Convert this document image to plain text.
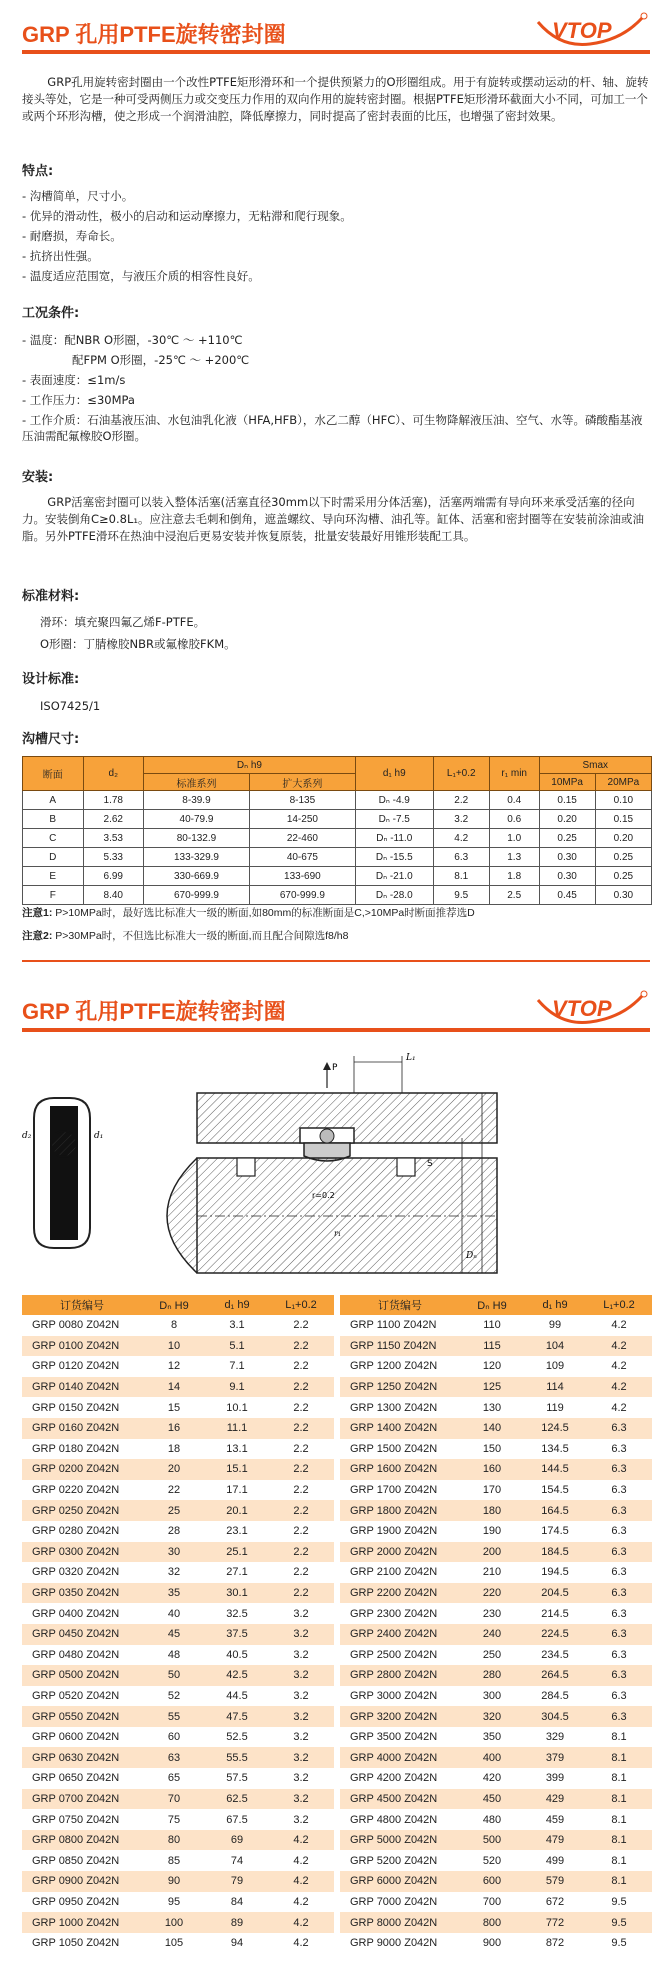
GRP 孔用PTFE旋转密封圈	VTOP
GRP孔用旋转密封圈由一个改性PTFE矩形滑环和一个提供预紧力的O形圈组成。用于有旋转或摆动运动的杆、轴、旋转接头等处，它是一种可受两侧压力或交变压力作用的双向作用的旋转密封圈。根据PTFE矩形滑环截面大小不同，可加工一个或两个环形沟槽，使之形成一个润滑油腔，降低摩擦力，同时提高了密封表面的比压，也增强了密封效果。
特点:
- 沟槽简单，尺寸小。
- 优异的滑动性，极小的启动和运动摩擦力，无粘滞和爬行现象。
- 耐磨损，寿命长。
- 抗挤出性强。
- 温度适应范围宽，与液压介质的相容性良好。
工况条件:
- 温度：配NBR O形圈，-30℃ ～ +110℃
配FPM O形圈，-25℃ ～ +200℃
- 表面速度：≤1m/s
- 工作压力：≤30MPa
- 工作介质：石油基液压油、水包油乳化液（HFA,HFB），水乙二醇（HFC）、可生物降解液压油、空气、水等。磷酸酯基液压油需配氟橡胶O形圈。
安装:
GRP活塞密封圈可以装入整体活塞(活塞直径30mm以下时需采用分体活塞)，活塞两端需有导向环来承受活塞的径向力。安装倒角C≥0.8L₁。应注意去毛刺和倒角，遮盖螺纹、导向环沟槽、油孔等。缸体、活塞和密封圈等在安装前涂油或油脂。另外PTFE滑环在热油中浸泡后更易安装并恢复原装，批量安装最好用锥形装配工具。
标准材料:
滑环：填充聚四氟乙烯F-PTFE。
O形圈：丁腈橡胶NBR或氟橡胶FKM。
设计标准:
ISO7425/1
沟槽尺寸:
断面	d₂	Dₙ h9		d₁ h9	L₁+0.2	r₁ min	Smax	
		标准系列	扩大系列				10MPa	20MPa
A	1.78	8-39.9	8-135	Dₙ -4.9	2.2	0.4	0.15	0.10
B	2.62	40-79.9	14-250	Dₙ -7.5	3.2	0.6	0.20	0.15
C	3.53	80-132.9	22-460	Dₙ -11.0	4.2	1.0	0.25	0.20
D	5.33	133-329.9	40-675	Dₙ -15.5	6.3	1.3	0.30	0.25
E	6.99	330-669.9	133-690	Dₙ -21.0	8.1	1.8	0.30	0.25
F	8.40	670-999.9	670-999.9	Dₙ -28.0	9.5	2.5	0.45	0.30
注意1: P>10MPa时，最好选比标准大一级的断面,如80mm的标准断面是C,>10MPa时断面推荐选D
注意2: P>30MPa时，不但选比标准大一级的断面,而且配合间隙选f8/h8
GRP 孔用PTFE旋转密封圈	VTOP
d₂	d₁
P
L₁
S
r=0.2
r₁
Dₙ
订货编号	Dₙ H9	d₁ h9	L₁+0.2
GRP 0080 Z042N	8	3.1	2.2
GRP 0100 Z042N	10	5.1	2.2
GRP 0120 Z042N	12	7.1	2.2
GRP 0140 Z042N	14	9.1	2.2
GRP 0150 Z042N	15	10.1	2.2
GRP 0160 Z042N	16	11.1	2.2
GRP 0180 Z042N	18	13.1	2.2
GRP 0200 Z042N	20	15.1	2.2
GRP 0220 Z042N	22	17.1	2.2
GRP 0250 Z042N	25	20.1	2.2
GRP 0280 Z042N	28	23.1	2.2
GRP 0300 Z042N	30	25.1	2.2
GRP 0320 Z042N	32	27.1	2.2
GRP 0350 Z042N	35	30.1	2.2
GRP 0400 Z042N	40	32.5	3.2
GRP 0450 Z042N	45	37.5	3.2
GRP 0480 Z042N	48	40.5	3.2
GRP 0500 Z042N	50	42.5	3.2
GRP 0520 Z042N	52	44.5	3.2
GRP 0550 Z042N	55	47.5	3.2
GRP 0600 Z042N	60	52.5	3.2
GRP 0630 Z042N	63	55.5	3.2
GRP 0650 Z042N	65	57.5	3.2
GRP 0700 Z042N	70	62.5	3.2
GRP 0750 Z042N	75	67.5	3.2
GRP 0800 Z042N	80	69	4.2
GRP 0850 Z042N	85	74	4.2
GRP 0900 Z042N	90	79	4.2
GRP 0950 Z042N	95	84	4.2
GRP 1000 Z042N	100	89	4.2
GRP 1050 Z042N	105	94	4.2
订货编号	Dₙ H9	d₁ h9	L₁+0.2
GRP 1100 Z042N	110	99	4.2
GRP 1150 Z042N	115	104	4.2
GRP 1200 Z042N	120	109	4.2
GRP 1250 Z042N	125	114	4.2
GRP 1300 Z042N	130	119	4.2
GRP 1400 Z042N	140	124.5	6.3
GRP 1500 Z042N	150	134.5	6.3
GRP 1600 Z042N	160	144.5	6.3
GRP 1700 Z042N	170	154.5	6.3
GRP 1800 Z042N	180	164.5	6.3
GRP 1900 Z042N	190	174.5	6.3
GRP 2000 Z042N	200	184.5	6.3
GRP 2100 Z042N	210	194.5	6.3
GRP 2200 Z042N	220	204.5	6.3
GRP 2300 Z042N	230	214.5	6.3
GRP 2400 Z042N	240	224.5	6.3
GRP 2500 Z042N	250	234.5	6.3
GRP 2800 Z042N	280	264.5	6.3
GRP 3000 Z042N	300	284.5	6.3
GRP 3200 Z042N	320	304.5	6.3
GRP 3500 Z042N	350	329	8.1
GRP 4000 Z042N	400	379	8.1
GRP 4200 Z042N	420	399	8.1
GRP 4500 Z042N	450	429	8.1
GRP 4800 Z042N	480	459	8.1
GRP 5000 Z042N	500	479	8.1
GRP 5200 Z042N	520	499	8.1
GRP 6000 Z042N	600	579	8.1
GRP 7000 Z042N	700	672	9.5
GRP 8000 Z042N	800	772	9.5
GRP 9000 Z042N	900	872	9.5
